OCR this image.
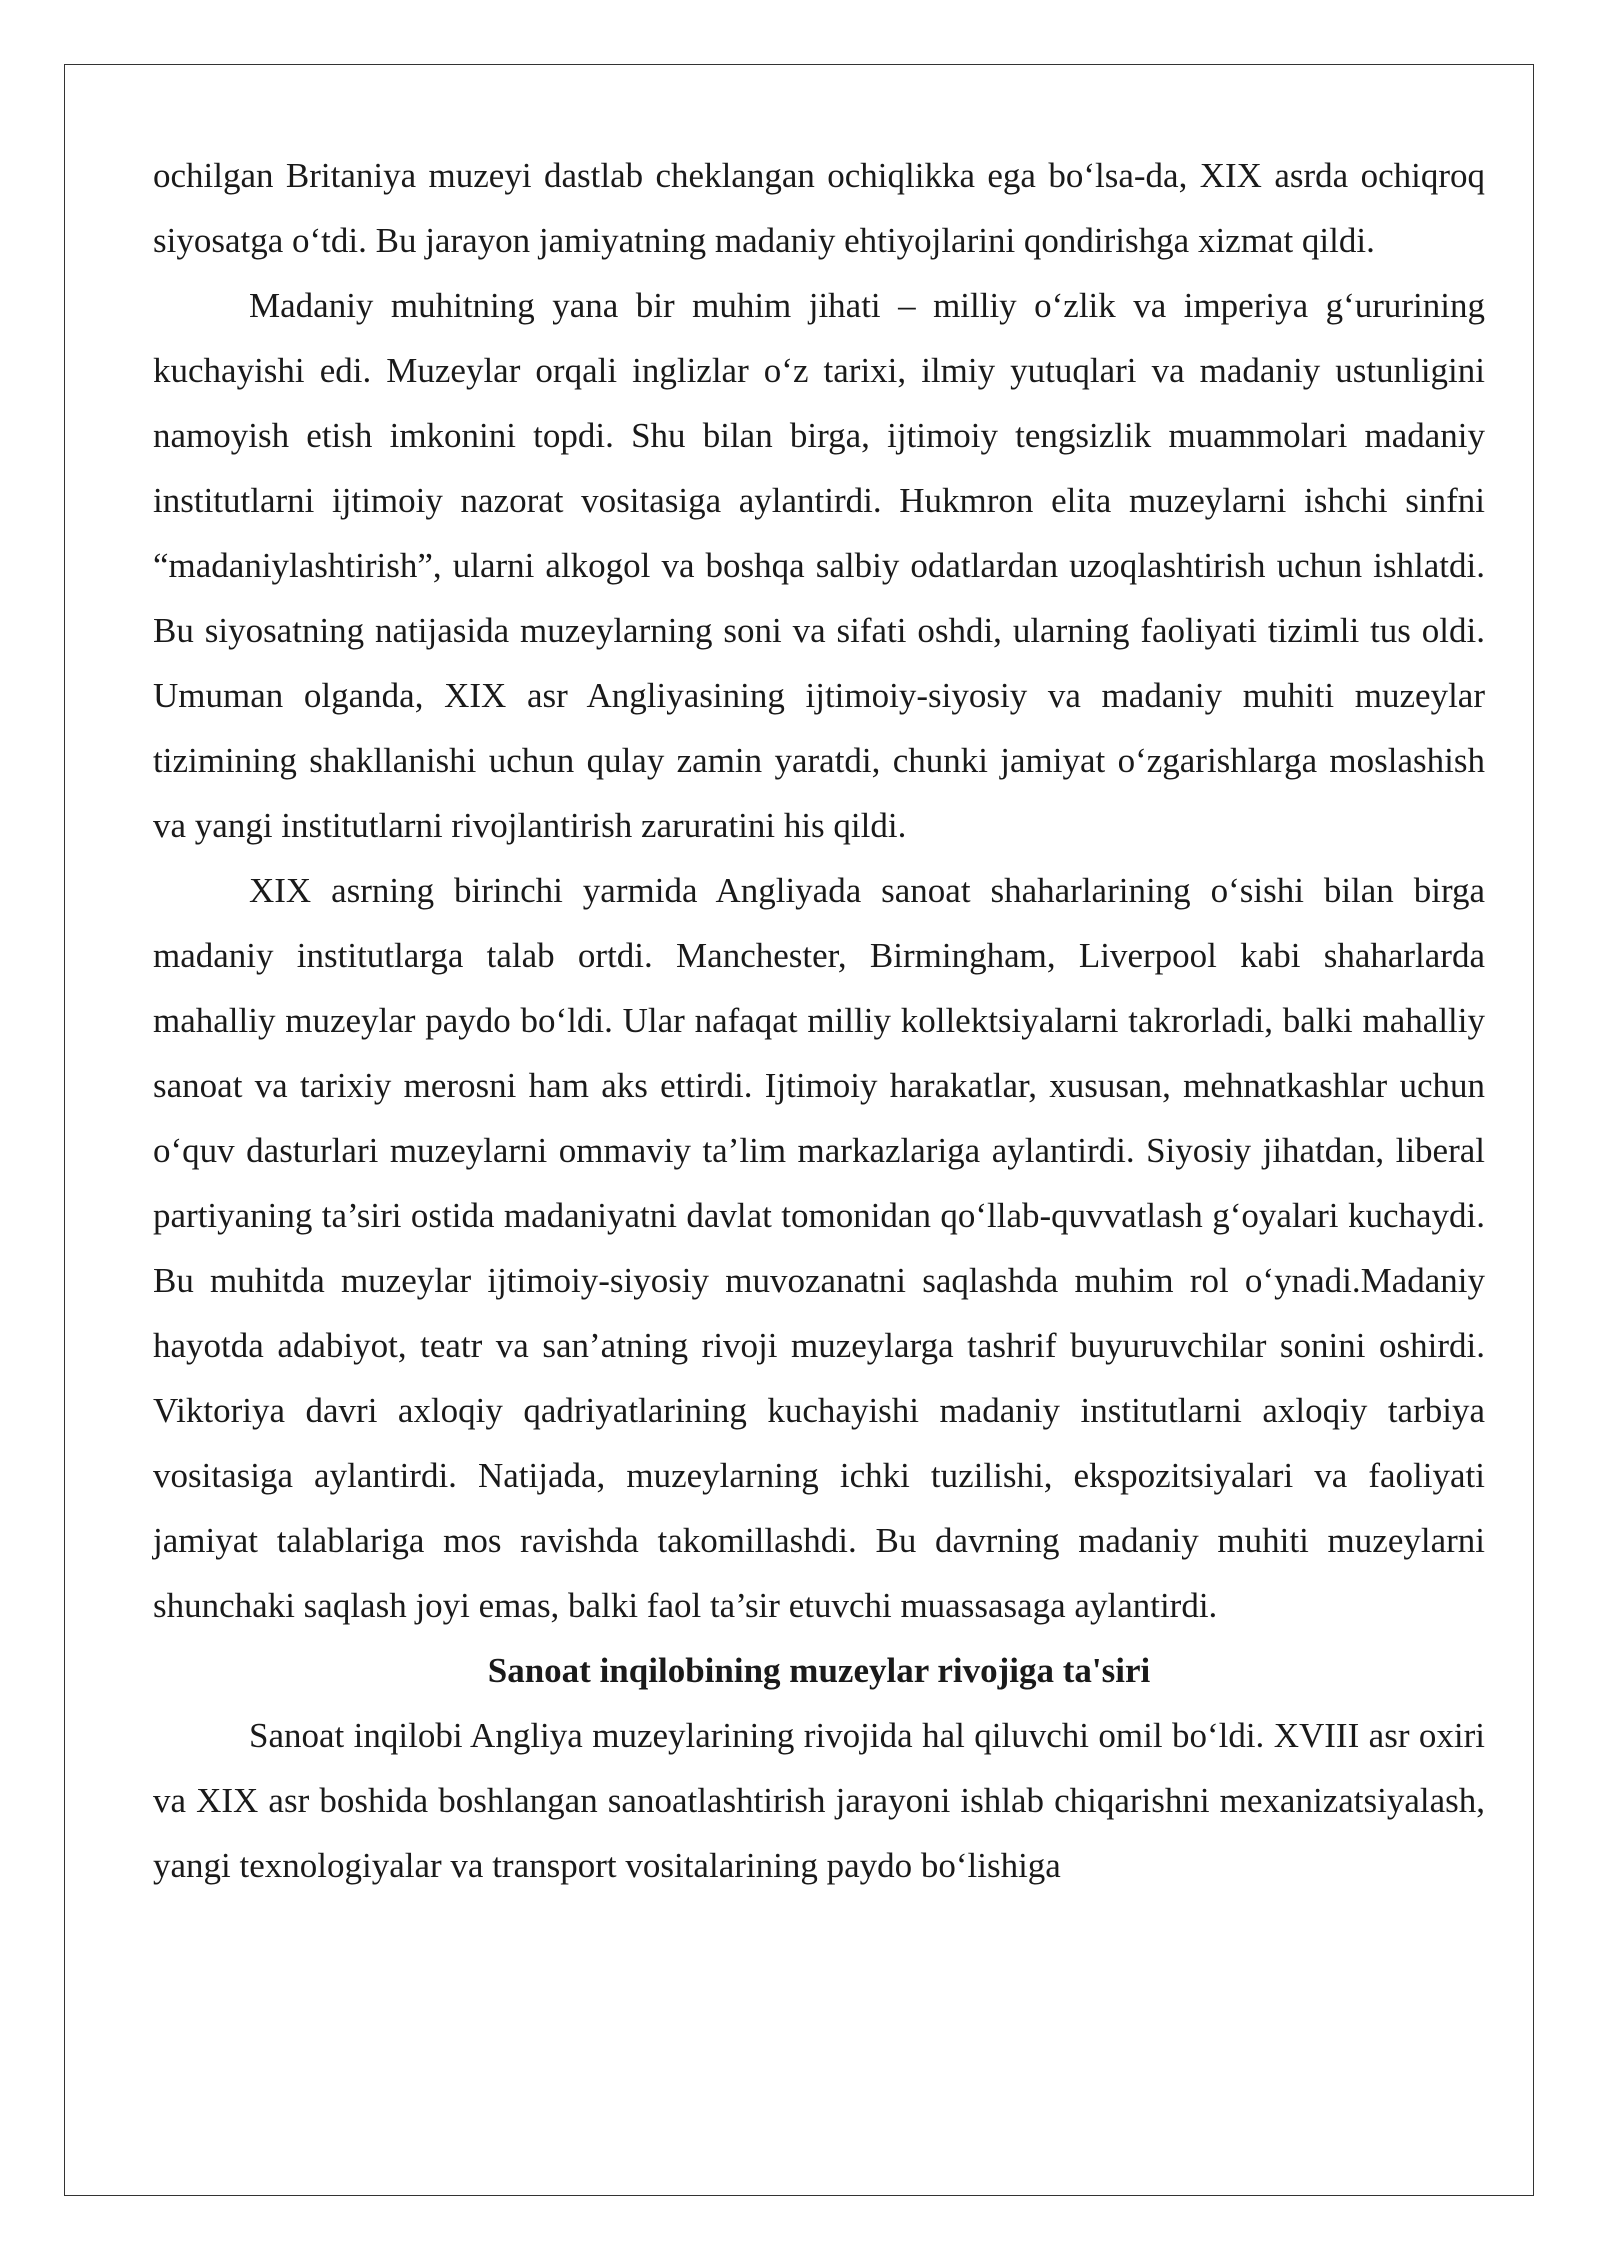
ochilgan Britaniya muzeyi dastlab cheklangan ochiqlikka ega bo‘lsa-da, XIX asrda ochiqroq siyosatga o‘tdi. Bu jarayon jamiyatning madaniy ehtiyojlarini qondirishga xizmat qildi.

Madaniy muhitning yana bir muhim jihati – milliy o‘zlik va imperiya g‘ururining kuchayishi edi. Muzeylar orqali inglizlar o‘z tarixi, ilmiy yutuqlari va madaniy ustunligini namoyish etish imkonini topdi. Shu bilan birga, ijtimoiy tengsizlik muammolari madaniy institutlarni ijtimoiy nazorat vositasiga aylantirdi. Hukmron elita muzeylarni ishchi sinfni “madaniylashtirish”, ularni alkogol va boshqa salbiy odatlardan uzoqlashtirish uchun ishlatdi. Bu siyosatning natijasida muzeylarning soni va sifati oshdi, ularning faoliyati tizimli tus oldi. Umuman olganda, XIX asr Angliyasining ijtimoiy-siyosiy va madaniy muhiti muzeylar tizimining shakllanishi uchun qulay zamin yaratdi, chunki jamiyat o‘zgarishlarga moslashish va yangi institutlarni rivojlantirish zaruratini his qildi.

XIX asrning birinchi yarmida Angliyada sanoat shaharlarining o‘sishi bilan birga madaniy institutlarga talab ortdi. Manchester, Birmingham, Liverpool kabi shaharlarda mahalliy muzeylar paydo bo‘ldi. Ular nafaqat milliy kollektsiyalarni takrorladi, balki mahalliy sanoat va tarixiy merosni ham aks ettirdi. Ijtimoiy harakatlar, xususan, mehnatkashlar uchun o‘quv dasturlari muzeylarni ommaviy ta’lim markazlariga aylantirdi. Siyosiy jihatdan, liberal partiyaning ta’siri ostida madaniyatni davlat tomonidan qo‘llab-quvvatlash g‘oyalari kuchaydi. Bu muhitda muzeylar ijtimoiy-siyosiy muvozanatni saqlashda muhim rol o‘ynadi.Madaniy hayotda adabiyot, teatr va san’atning rivoji muzeylarga tashrif buyuruvchilar sonini oshirdi. Viktoriya davri axloqiy qadriyatlarining kuchayishi madaniy institutlarni axloqiy tarbiya vositasiga aylantirdi. Natijada, muzeylarning ichki tuzilishi, ekspozitsiyalari va faoliyati jamiyat talablariga mos ravishda takomillashdi. Bu davrning madaniy muhiti muzeylarni shunchaki saqlash joyi emas, balki faol ta’sir etuvchi muassasaga aylantirdi.

Sanoat inqilobining muzeylar rivojiga ta'siri

Sanoat inqilobi Angliya muzeylarining rivojida hal qiluvchi omil bo‘ldi. XVIII asr oxiri va XIX asr boshida boshlangan sanoatlashtirish jarayoni ishlab chiqarishni mexanizatsiyalash, yangi texnologiyalar va transport vositalarining paydo bo‘lishiga
